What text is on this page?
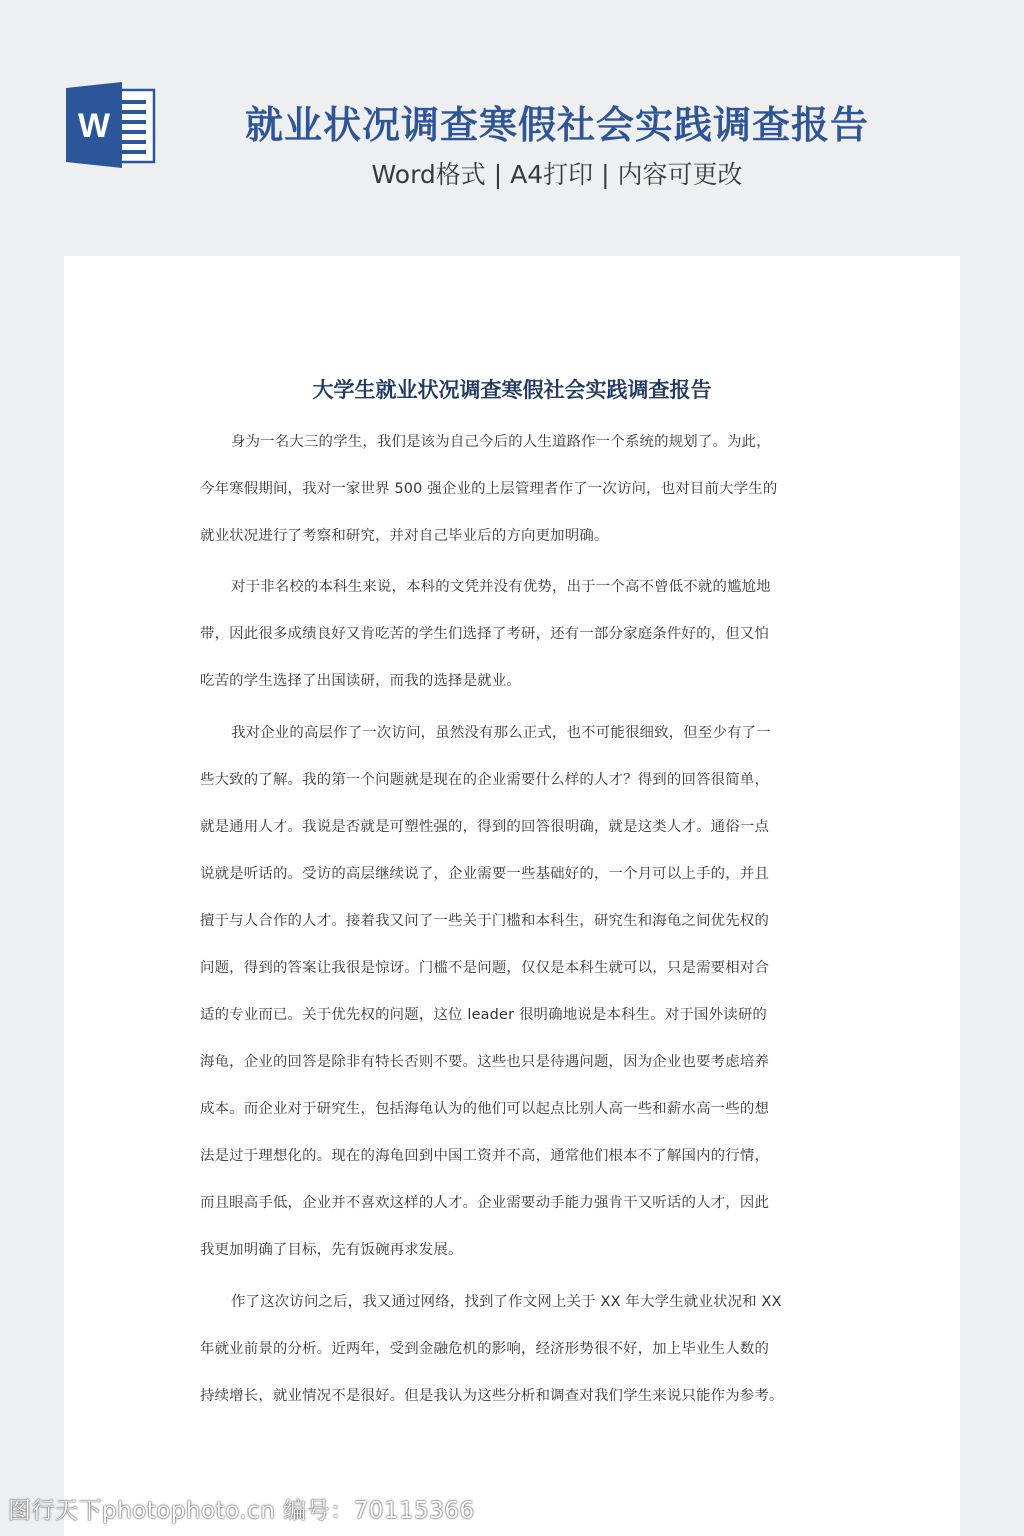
W	就业状况调查寒假社会实践调查报告
Word格式 | A4打印 | 内容可更改
大学生就业状况调查寒假社会实践调查报告
身为一名大三的学生，我们是该为自己今后的人生道路作一个系统的规划了。为此，
今年寒假期间，我对一家世界 500 强企业的上层管理者作了一次访问，也对目前大学生的
就业状况进行了考察和研究，并对自己毕业后的方向更加明确。
对于非名校的本科生来说，本科的文凭并没有优势，出于一个高不曾低不就的尴尬地
带，因此很多成绩良好又肯吃苦的学生们选择了考研，还有一部分家庭条件好的，但又怕
吃苦的学生选择了出国读研，而我的选择是就业。
我对企业的高层作了一次访问，虽然没有那么正式，也不可能很细致，但至少有了一
些大致的了解。我的第一个问题就是现在的企业需要什么样的人才？得到的回答很简单，
就是通用人才。我说是否就是可塑性强的，得到的回答很明确，就是这类人才。通俗一点
说就是听话的。受访的高层继续说了，企业需要一些基础好的，一个月可以上手的，并且
擅于与人合作的人才。接着我又问了一些关于门槛和本科生，研究生和海龟之间优先权的
问题，得到的答案让我很是惊讶。门槛不是问题，仅仅是本科生就可以，只是需要相对合
适的专业而已。关于优先权的问题，这位 leader 很明确地说是本科生。对于国外读研的
海龟，企业的回答是除非有特长否则不要。这些也只是待遇问题，因为企业也要考虑培养
成本。而企业对于研究生，包括海龟认为的他们可以起点比别人高一些和薪水高一些的想
法是过于理想化的。现在的海龟回到中国工资并不高，通常他们根本不了解国内的行情，
而且眼高手低，企业并不喜欢这样的人才。企业需要动手能力强肯干又听话的人才，因此
我更加明确了目标，先有饭碗再求发展。
作了这次访问之后，我又通过网络，找到了作文网上关于 XX 年大学生就业状况和 XX
年就业前景的分析。近两年，受到金融危机的影响，经济形势很不好，加上毕业生人数的
持续增长，就业情况不是很好。但是我认为这些分析和调查对我们学生来说只能作为参考。
图行天下photophoto.cn 编号：70115366
